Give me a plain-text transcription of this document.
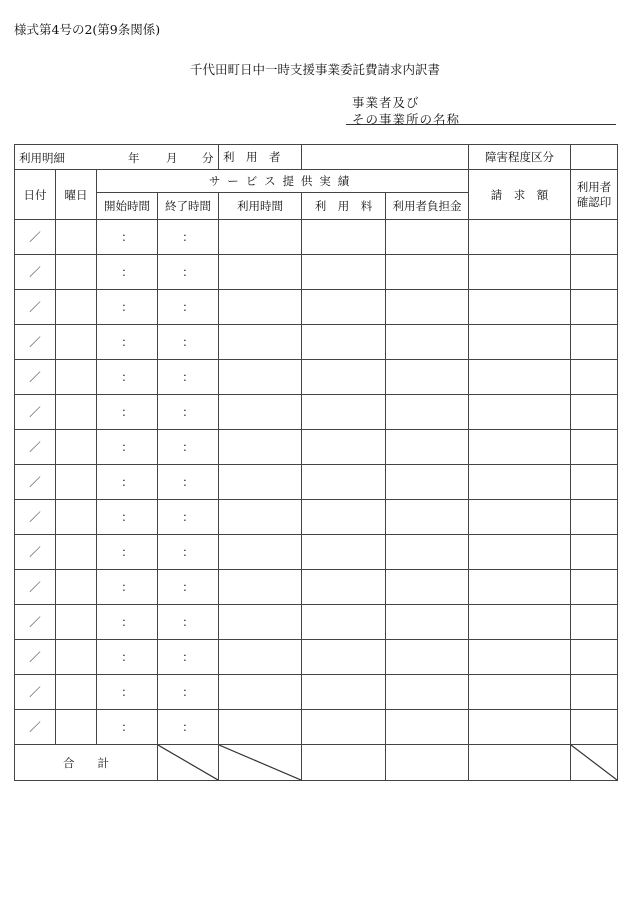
様式第4号の2(第9条関係)
千代田町日中一時支援事業委託費請求内訳書
事業者及び
その事業所の名称
利用明細 年 月 分				利　用　者			障害程度区分	
日付	曜日	サービス提供実績					請　求　額	利用者
確認印
		開始時間	終了時間	利用時間	利　用　料	利用者負担金		
／		：	：					
／		：	：					
／		：	：					
／		：	：					
／		：	：					
／		：	：					
／		：	：					
／		：	：					
／		：	：					
／		：	：					
／		：	：					
／		：	：					
／		：	：					
／		：	：					
／		：	：					
合　　計	
